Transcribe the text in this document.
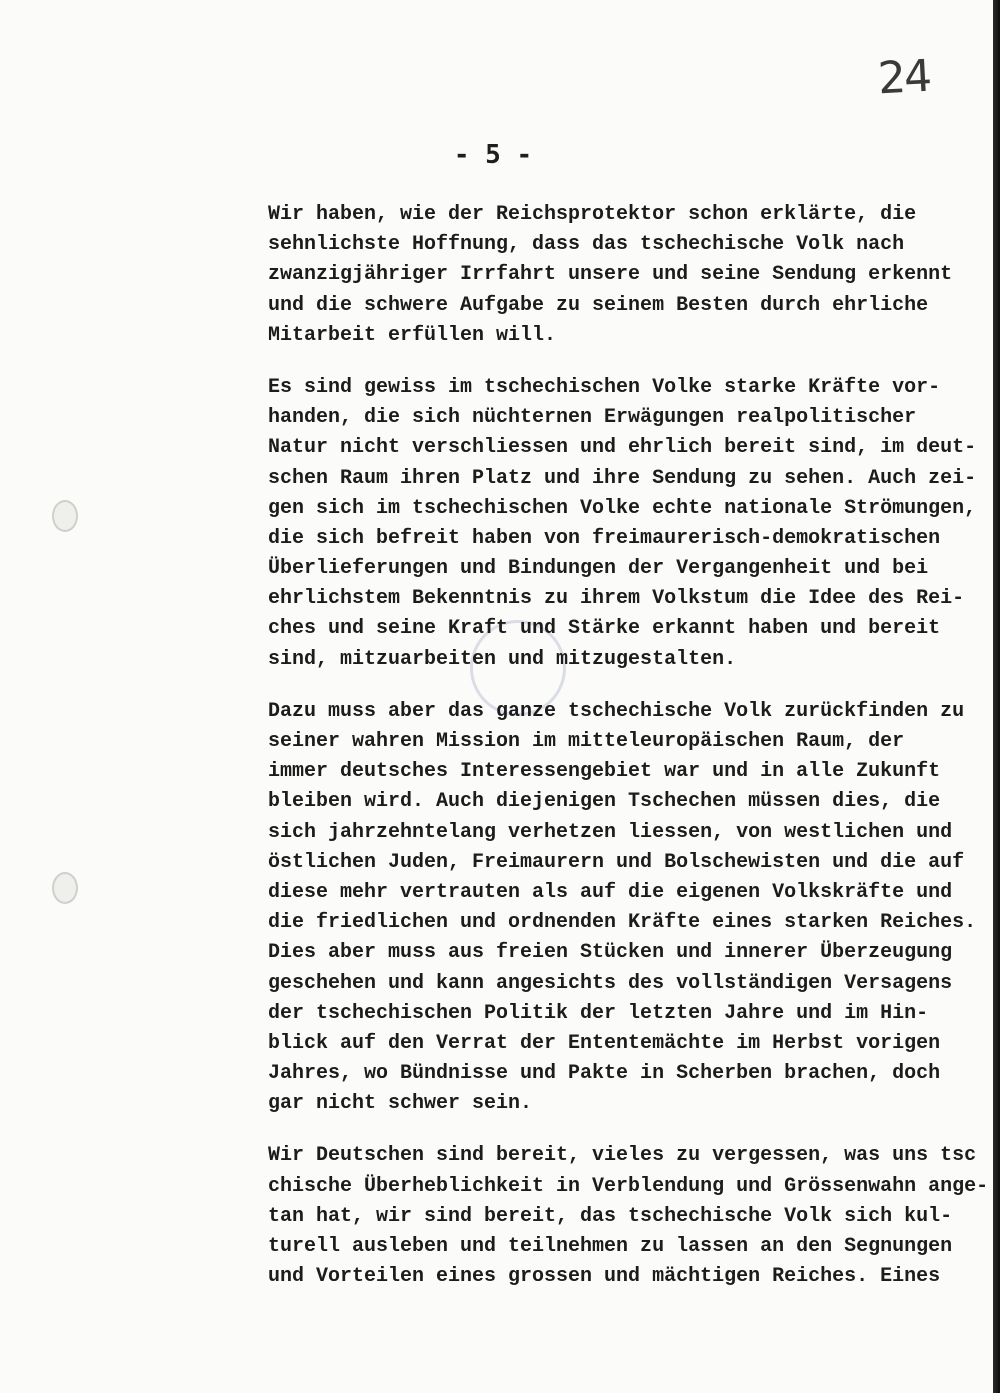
24
- 5 -
Wir haben, wie der Reichsprotektor schon erklärte, die
sehnlichste Hoffnung, dass das tschechische Volk nach
zwanzigjähriger Irrfahrt unsere und seine Sendung erkennt
und die schwere Aufgabe zu seinem Besten durch ehrliche
Mitarbeit erfüllen will.
Es sind gewiss im tschechischen Volke starke Kräfte vor-
handen, die sich nüchternen Erwägungen realpolitischer
Natur nicht verschliessen und ehrlich bereit sind, im deut-
schen Raum ihren Platz und ihre Sendung zu sehen. Auch zei-
gen sich im tschechischen Volke echte nationale Strömungen,
die sich befreit haben von freimaurerisch-demokratischen
Überlieferungen und Bindungen der Vergangenheit und bei
ehrlichstem Bekenntnis zu ihrem Volkstum die Idee des Rei-
ches und seine Kraft und Stärke erkannt haben und bereit
sind, mitzuarbeiten und mitzugestalten.
Dazu muss aber das ganze tschechische Volk zurückfinden zu
seiner wahren Mission im mitteleuropäischen Raum, der
immer deutsches Interessengebiet war und in alle Zukunft
bleiben wird. Auch diejenigen Tschechen müssen dies, die
sich jahrzehntelang verhetzen liessen, von westlichen und
östlichen Juden, Freimaurern und Bolschewisten und die auf
diese mehr vertrauten als auf die eigenen Volkskräfte und
die friedlichen und ordnenden Kräfte eines starken Reiches.
Dies aber muss aus freien Stücken und innerer Überzeugung
geschehen und kann angesichts des vollständigen Versagens
der tschechischen Politik der letzten Jahre und im Hin-
blick auf den Verrat der Ententemächte im Herbst vorigen
Jahres, wo Bündnisse und Pakte in Scherben brachen, doch
gar nicht schwer sein.
Wir Deutschen sind bereit, vieles zu vergessen, was uns tsc
chische Überheblichkeit in Verblendung und Grössenwahn ange-
tan hat, wir sind bereit, das tschechische Volk sich kul-
turell ausleben und teilnehmen zu lassen an den Segnungen
und Vorteilen eines grossen und mächtigen Reiches. Eines
